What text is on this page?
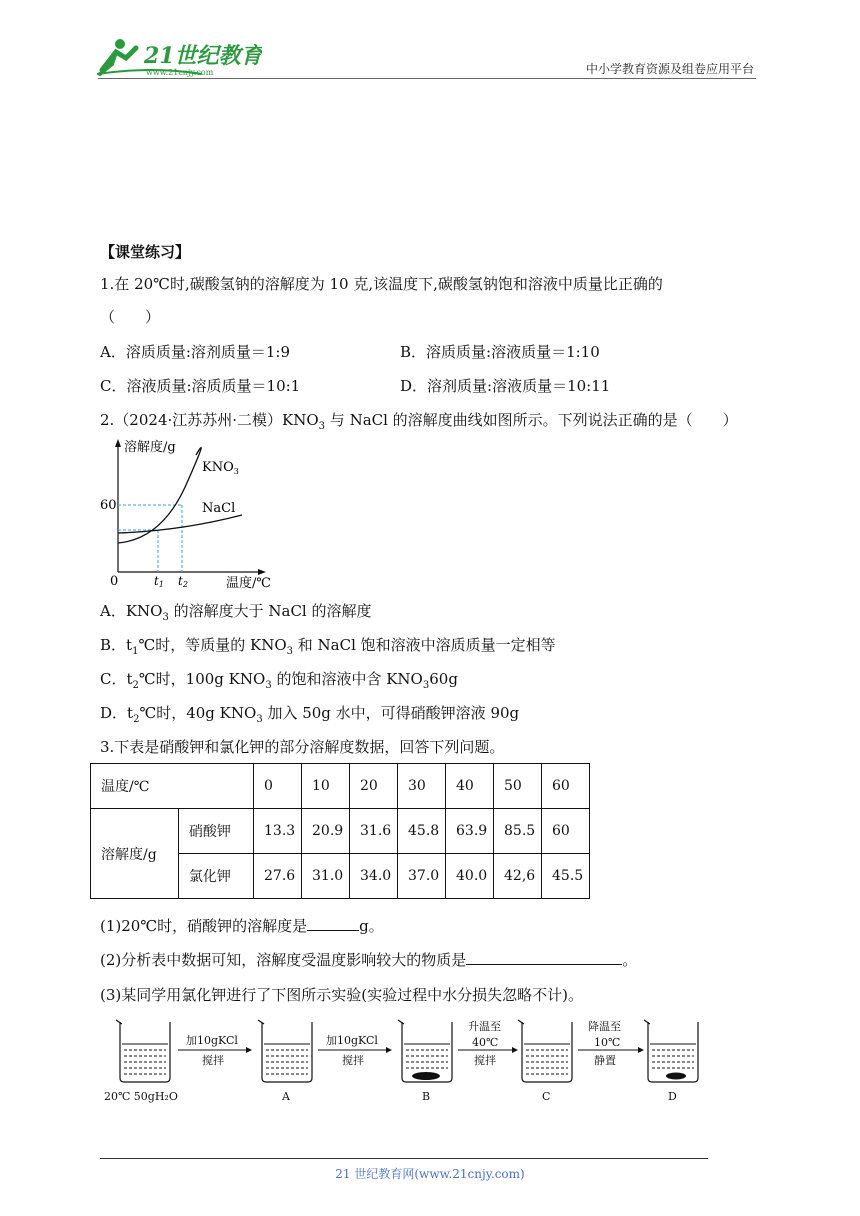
21世纪教育
www.21cnjy.com	中小学教育资源及组卷应用平台
【课堂练习】
1.在 20℃时,碳酸氢钠的溶解度为 10 克,该温度下,碳酸氢钠饱和溶液中质量比正确的
（　　）
A．溶质质量:溶剂质量＝1:9	B．溶质质量:溶液质量＝1:10
C．溶液质量:溶质质量＝10:1	D．溶剂质量:溶液质量＝10:11
2.（2024·江苏苏州·二模）$KNO_3$ 与 NaCl 的溶解度曲线如图所示。下列说法正确的是（　　）
溶解度/g
$KNO_3$
NaCl
60
0	t1 t2	温度/℃
A．$KNO_3$ 的溶解度大于 NaCl 的溶解度
B．$t_1℃$时，等质量的 $KNO_3$ 和 NaCl 饱和溶液中溶质质量一定相等
C．$t_2℃$时，100g $KNO_3$ 的饱和溶液中含 $KNO_360g$
D．$t_2℃$时，40g $KNO_3$ 加入 50g 水中，可得硝酸钾溶液 90g
3.下表是硝酸钾和氯化钾的部分溶解度数据，回答下列问题。
温度/℃		0	10	20	30	40	50	60
溶解度/g	硝酸钾	13.3	20.9	31.6	45.8	63.9	85.5	60
	氯化钾	27.6	31.0	34.0	37.0	40.0	42,6	45.5
(1)20℃时，硝酸钾的溶解度是	g。
(2)分析表中数据可知，溶解度受温度影响较大的物质是	。
(3)某同学用氯化钾进行了下图所示实验(实验过程中水分损失忽略不计)。
20℃ 50gH₂O
加10gKCl
搅拌
A
加10gKCl
搅拌
B
升温至
40℃
搅拌
C
降温至
10℃
静置
D
21 世纪教育网(www.21cnjy.com)
